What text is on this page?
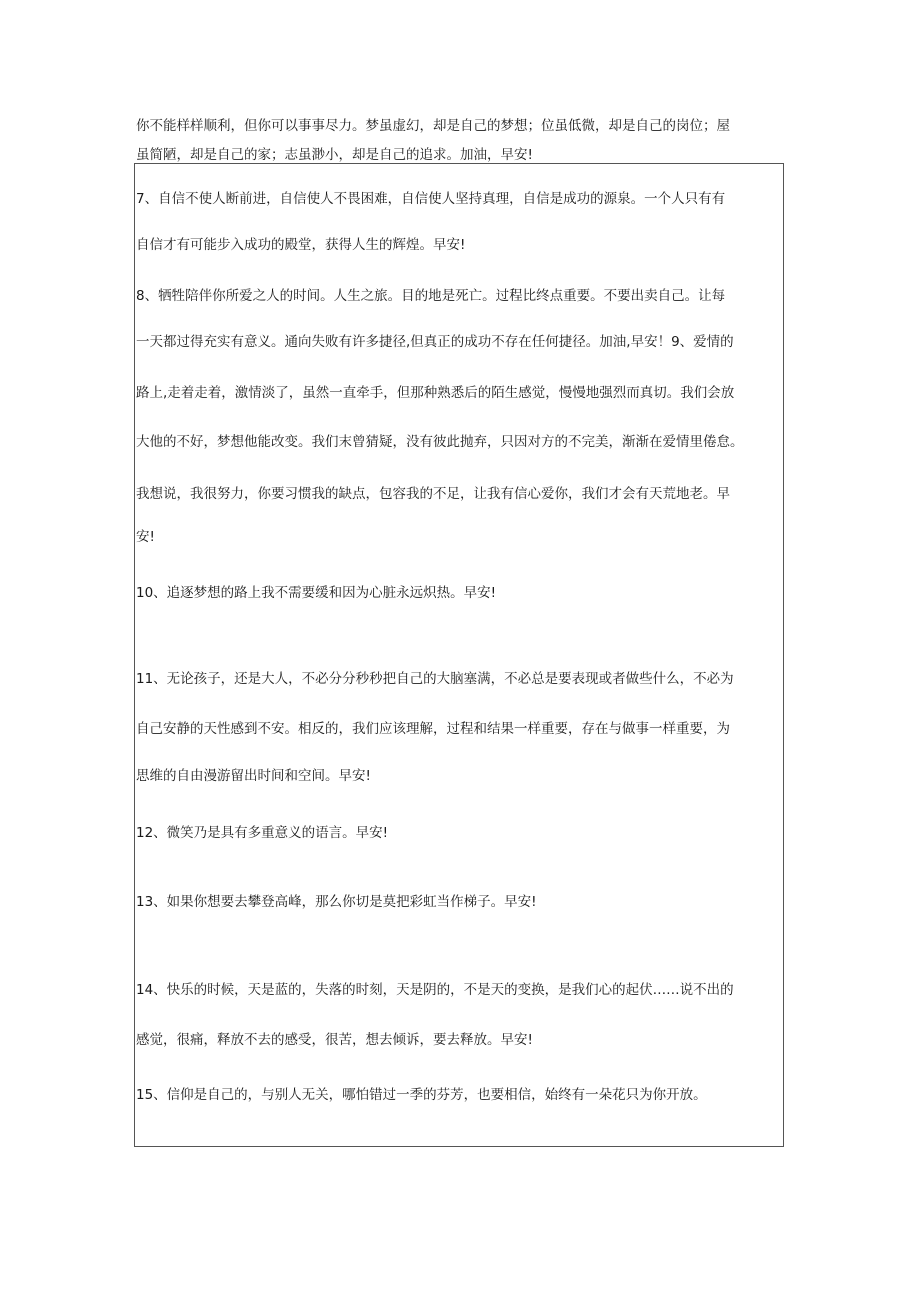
你不能样样顺利，但你可以事事尽力。梦虽虚幻，却是自己的梦想；位虽低微，却是自己的岗位；屋
虽简陋，却是自己的家；志虽渺小，却是自己的追求。加油，早安!

7、自信不使人断前进，自信使人不畏困难，自信使人坚持真理，自信是成功的源泉。一个人只有有
自信才有可能步入成功的殿堂，获得人生的辉煌。早安!
8、牺牲陪伴你所爱之人的时间。人生之旅。目的地是死亡。过程比终点重要。不要出卖自己。让每
一天都过得充实有意义。通向失败有许多捷径,但真正的成功不存在任何捷径。加油,早安！9、爱情的
路上,走着走着，激情淡了，虽然一直牵手，但那种熟悉后的陌生感觉，慢慢地强烈而真切。我们会放
大他的不好，梦想他能改变。我们末曾猜疑，没有彼此抛弃，只因对方的不完美，渐渐在爱情里倦怠。
我想说，我很努力，你要习惯我的缺点，包容我的不足，让我有信心爱你，我们才会有天荒地老。早
安!
10、追逐梦想的路上我不需要缓和因为心脏永远炽热。早安!
11、无论孩子，还是大人，不必分分秒秒把自己的大脑塞满，不必总是要表现或者做些什么，不必为
自己安静的天性感到不安。相反的，我们应该理解，过程和结果一样重要，存在与做事一样重要，为
思维的自由漫游留出时间和空间。早安!
12、微笑乃是具有多重意义的语言。早安!
13、如果你想要去攀登高峰，那么你切是莫把彩虹当作梯子。早安!
14、快乐的时候，天是蓝的，失落的时刻，天是阴的，不是天的变换，是我们心的起伏……说不出的
感觉，很痛，释放不去的感受，很苦，想去倾诉，要去释放。早安!
15、信仰是自己的，与别人无关，哪怕错过一季的芬芳，也要相信，始终有一朵花只为你开放。
